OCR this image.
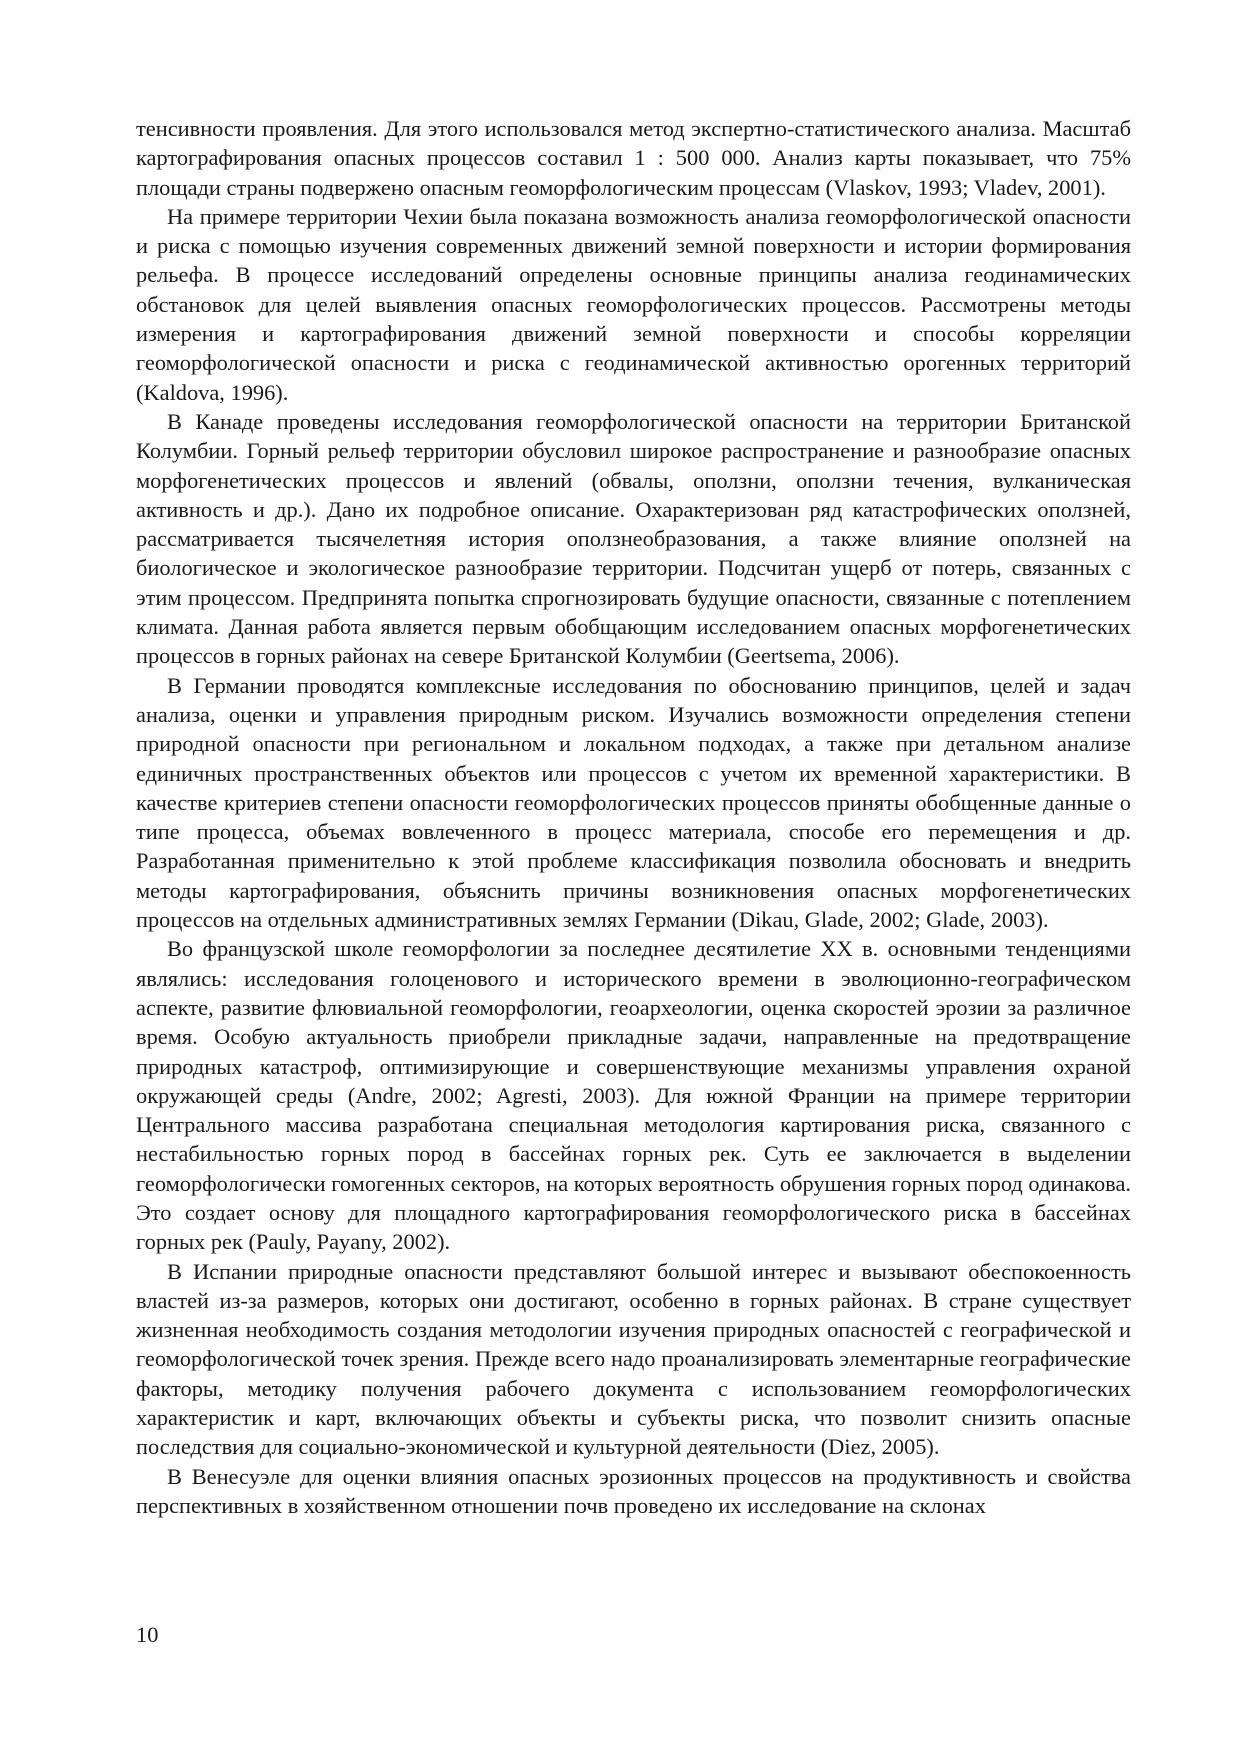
тенсивности проявления. Для этого использовался метод экспертно-статистического анализа. Масштаб картографирования опасных процессов составил 1 : 500 000. Анализ карты показывает, что 75% площади страны подвержено опасным геоморфологическим процессам (Vlaskov, 1993; Vladev, 2001).

На примере территории Чехии была показана возможность анализа геоморфологической опасности и риска с помощью изучения современных движений земной поверхности и истории формирования рельефа. В процессе исследований определены основные принципы анализа геодинамических обстановок для целей выявления опасных геоморфологических процессов. Рассмотрены методы измерения и картографирования движений земной поверхности и способы корреляции геоморфологической опасности и риска с геодинамической активностью орогенных территорий (Kaldova, 1996).

В Канаде проведены исследования геоморфологической опасности на территории Британской Колумбии. Горный рельеф территории обусловил широкое распространение и разнообразие опасных морфогенетических процессов и явлений (обвалы, оползни, оползни течения, вулканическая активность и др.). Дано их подробное описание. Охарактеризован ряд катастрофических оползней, рассматривается тысячелетняя история оползнеобразования, а также влияние оползней на биологическое и экологическое разнообразие территории. Подсчитан ущерб от потерь, связанных с этим процессом. Предпринята попытка спрогнозировать будущие опасности, связанные с потеплением климата. Данная работа является первым обобщающим исследованием опасных морфогенетических процессов в горных районах на севере Британской Колумбии (Geertsema, 2006).

В Германии проводятся комплексные исследования по обоснованию принципов, целей и задач анализа, оценки и управления природным риском. Изучались возможности определения степени природной опасности при региональном и локальном подходах, а также при детальном анализе единичных пространственных объектов или процессов с учетом их временной характеристики. В качестве критериев степени опасности геоморфологических процессов приняты обобщенные данные о типе процесса, объемах вовлеченного в процесс материала, способе его перемещения и др. Разработанная применительно к этой проблеме классификация позволила обосновать и внедрить методы картографирования, объяснить причины возникновения опасных морфогенетических процессов на отдельных административных землях Германии (Dikau, Glade, 2002; Glade, 2003).

Во французской школе геоморфологии за последнее десятилетие XX в. основными тенденциями являлись: исследования голоценового и исторического времени в эволюционно-географическом аспекте, развитие флювиальной геоморфологии, геоархеологии, оценка скоростей эрозии за различное время. Особую актуальность приобрели прикладные задачи, направленные на предотвращение природных катастроф, оптимизирующие и совершенствующие механизмы управления охраной окружающей среды (Andre, 2002; Agresti, 2003). Для южной Франции на примере территории Центрального массива разработана специальная методология картирования риска, связанного с нестабильностью горных пород в бассейнах горных рек. Суть ее заключается в выделении геоморфологически гомогенных секторов, на которых вероятность обрушения горных пород одинакова. Это создает основу для площадного картографирования геоморфологического риска в бассейнах горных рек (Pauly, Payany, 2002).

В Испании природные опасности представляют большой интерес и вызывают обеспокоенность властей из-за размеров, которых они достигают, особенно в горных районах. В стране существует жизненная необходимость создания методологии изучения природных опасностей с географической и геоморфологической точек зрения. Прежде всего надо проанализировать элементарные географические факторы, методику получения рабочего документа с использованием геоморфологических характеристик и карт, включающих объекты и субъекты риска, что позволит снизить опасные последствия для социально-экономической и культурной деятельности (Diez, 2005).

В Венесуэле для оценки влияния опасных эрозионных процессов на продуктивность и свойства перспективных в хозяйственном отношении почв проведено их исследование на склонах

10
